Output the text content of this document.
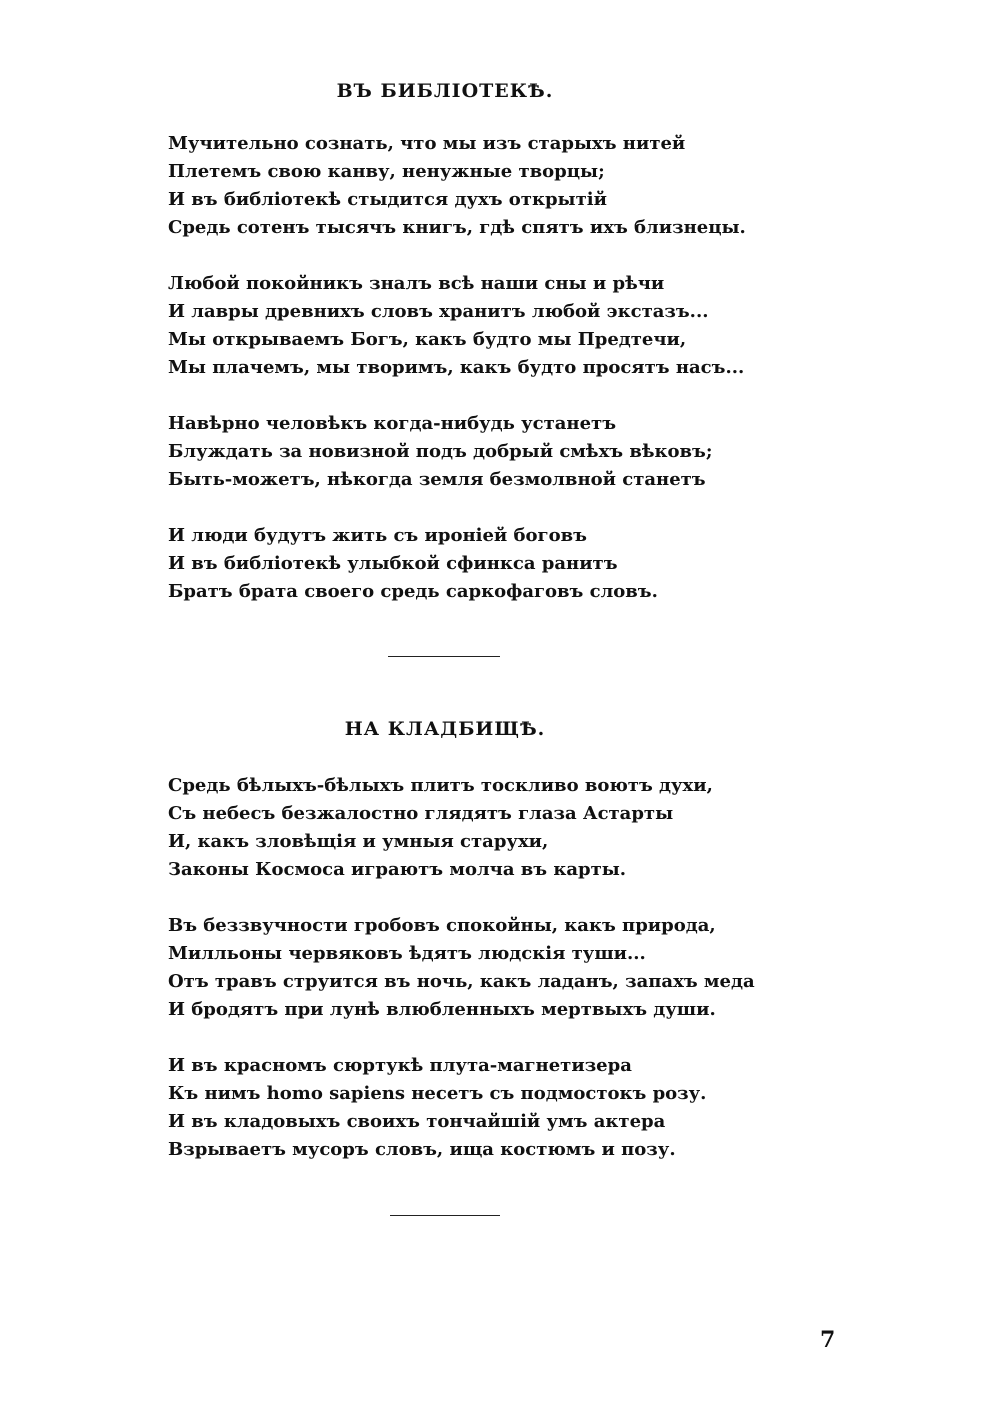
ВЪ БИБЛІОТЕКѢ.
Мучительно сознать, что мы изъ старыхъ нитей
Плетемъ свою канву, ненужные творцы;
И въ библіотекѣ стыдится духъ открытій
Средь сотенъ тысячъ книгъ, гдѣ спятъ ихъ близнецы.
Любой покойникъ зналъ всѣ наши сны и рѣчи
И лавры древнихъ словъ хранитъ любой экстазъ...
Мы открываемъ Богъ, какъ будто мы Предтечи,
Мы плачемъ, мы творимъ, какъ будто просятъ насъ...
Навѣрно человѣкъ когда-нибудь устанетъ
Блуждать за новизной подъ добрый смѣхъ вѣковъ;
Быть-можетъ, нѣкогда земля безмолвной станетъ
И люди будутъ жить съ ироніей боговъ
И въ библіотекѣ улыбкой сфинкса ранитъ
Братъ брата своего средь саркофаговъ словъ.
НА КЛАДБИЩѢ.
Средь бѣлыхъ-бѣлыхъ плитъ тоскливо воютъ духи,
Съ небесъ безжалостно глядятъ глаза Астарты
И, какъ зловѣщія и умныя старухи,
Законы Космоса играютъ молча въ карты.
Въ беззвучности гробовъ спокойны, какъ природа,
Милльоны червяковъ ѣдятъ людскія туши...
Отъ травъ струится въ ночь, какъ ладанъ, запахъ меда
И бродятъ при лунѣ влюбленныхъ мертвыхъ души.
И въ красномъ сюртукѣ плута-магнетизера
Къ нимъ homo sapiens несетъ съ подмостокъ розу.
И въ кладовыхъ своихъ тончайшій умъ актера
Взрываетъ мусоръ словъ, ища костюмъ и позу.
7
